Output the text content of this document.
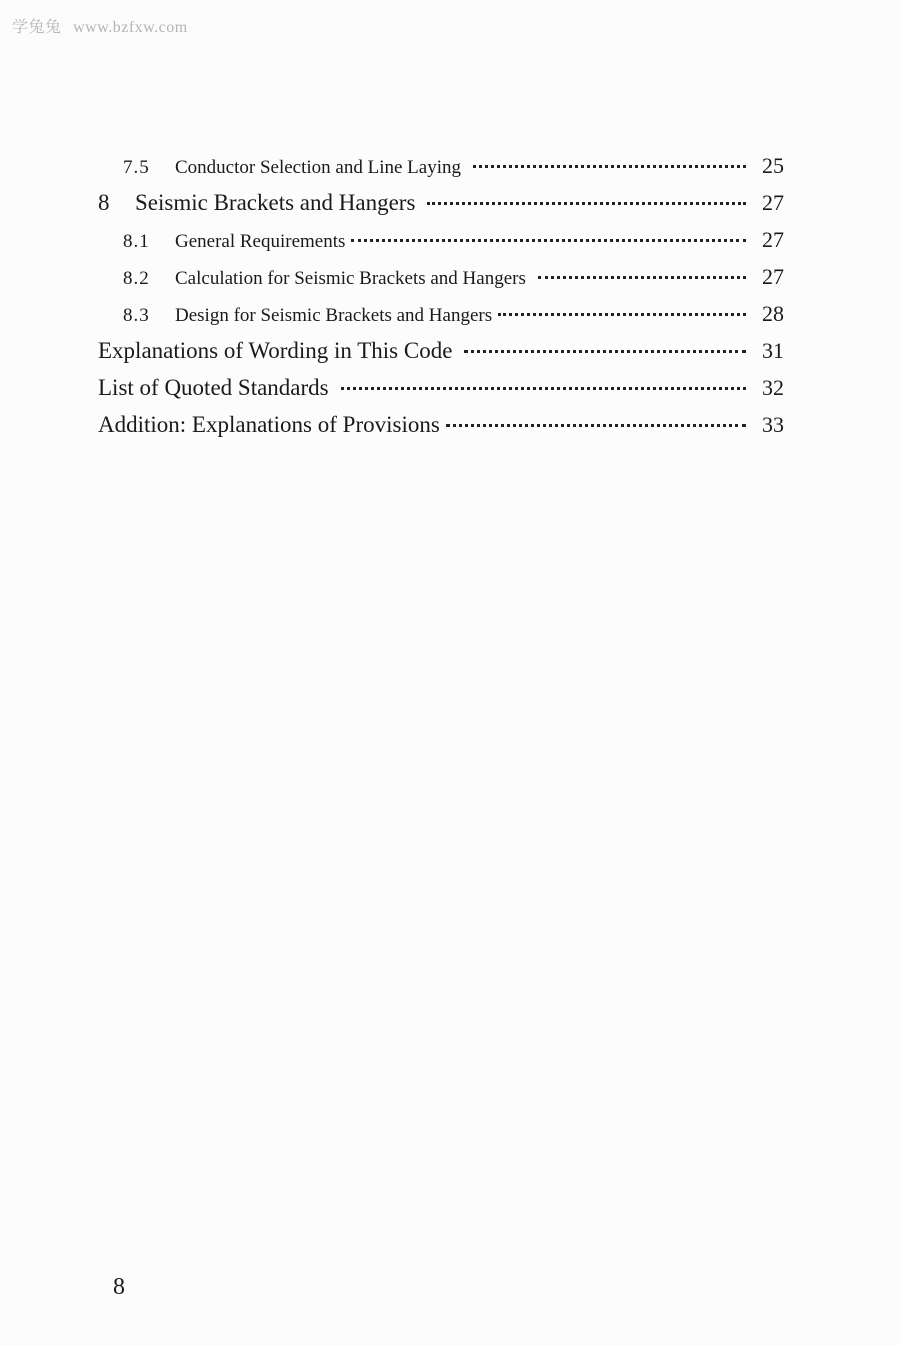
学兔兔 www.bzfxw.com
7.5	Conductor Selection and Line Laying	25
8	Seismic Brackets and Hangers	27
8.1	General Requirements	27
8.2	Calculation for Seismic Brackets and Hangers	27
8.3	Design for Seismic Brackets and Hangers	28
Explanations of Wording in This Code	31
List of Quoted Standards	32
Addition: Explanations of Provisions	33
8
